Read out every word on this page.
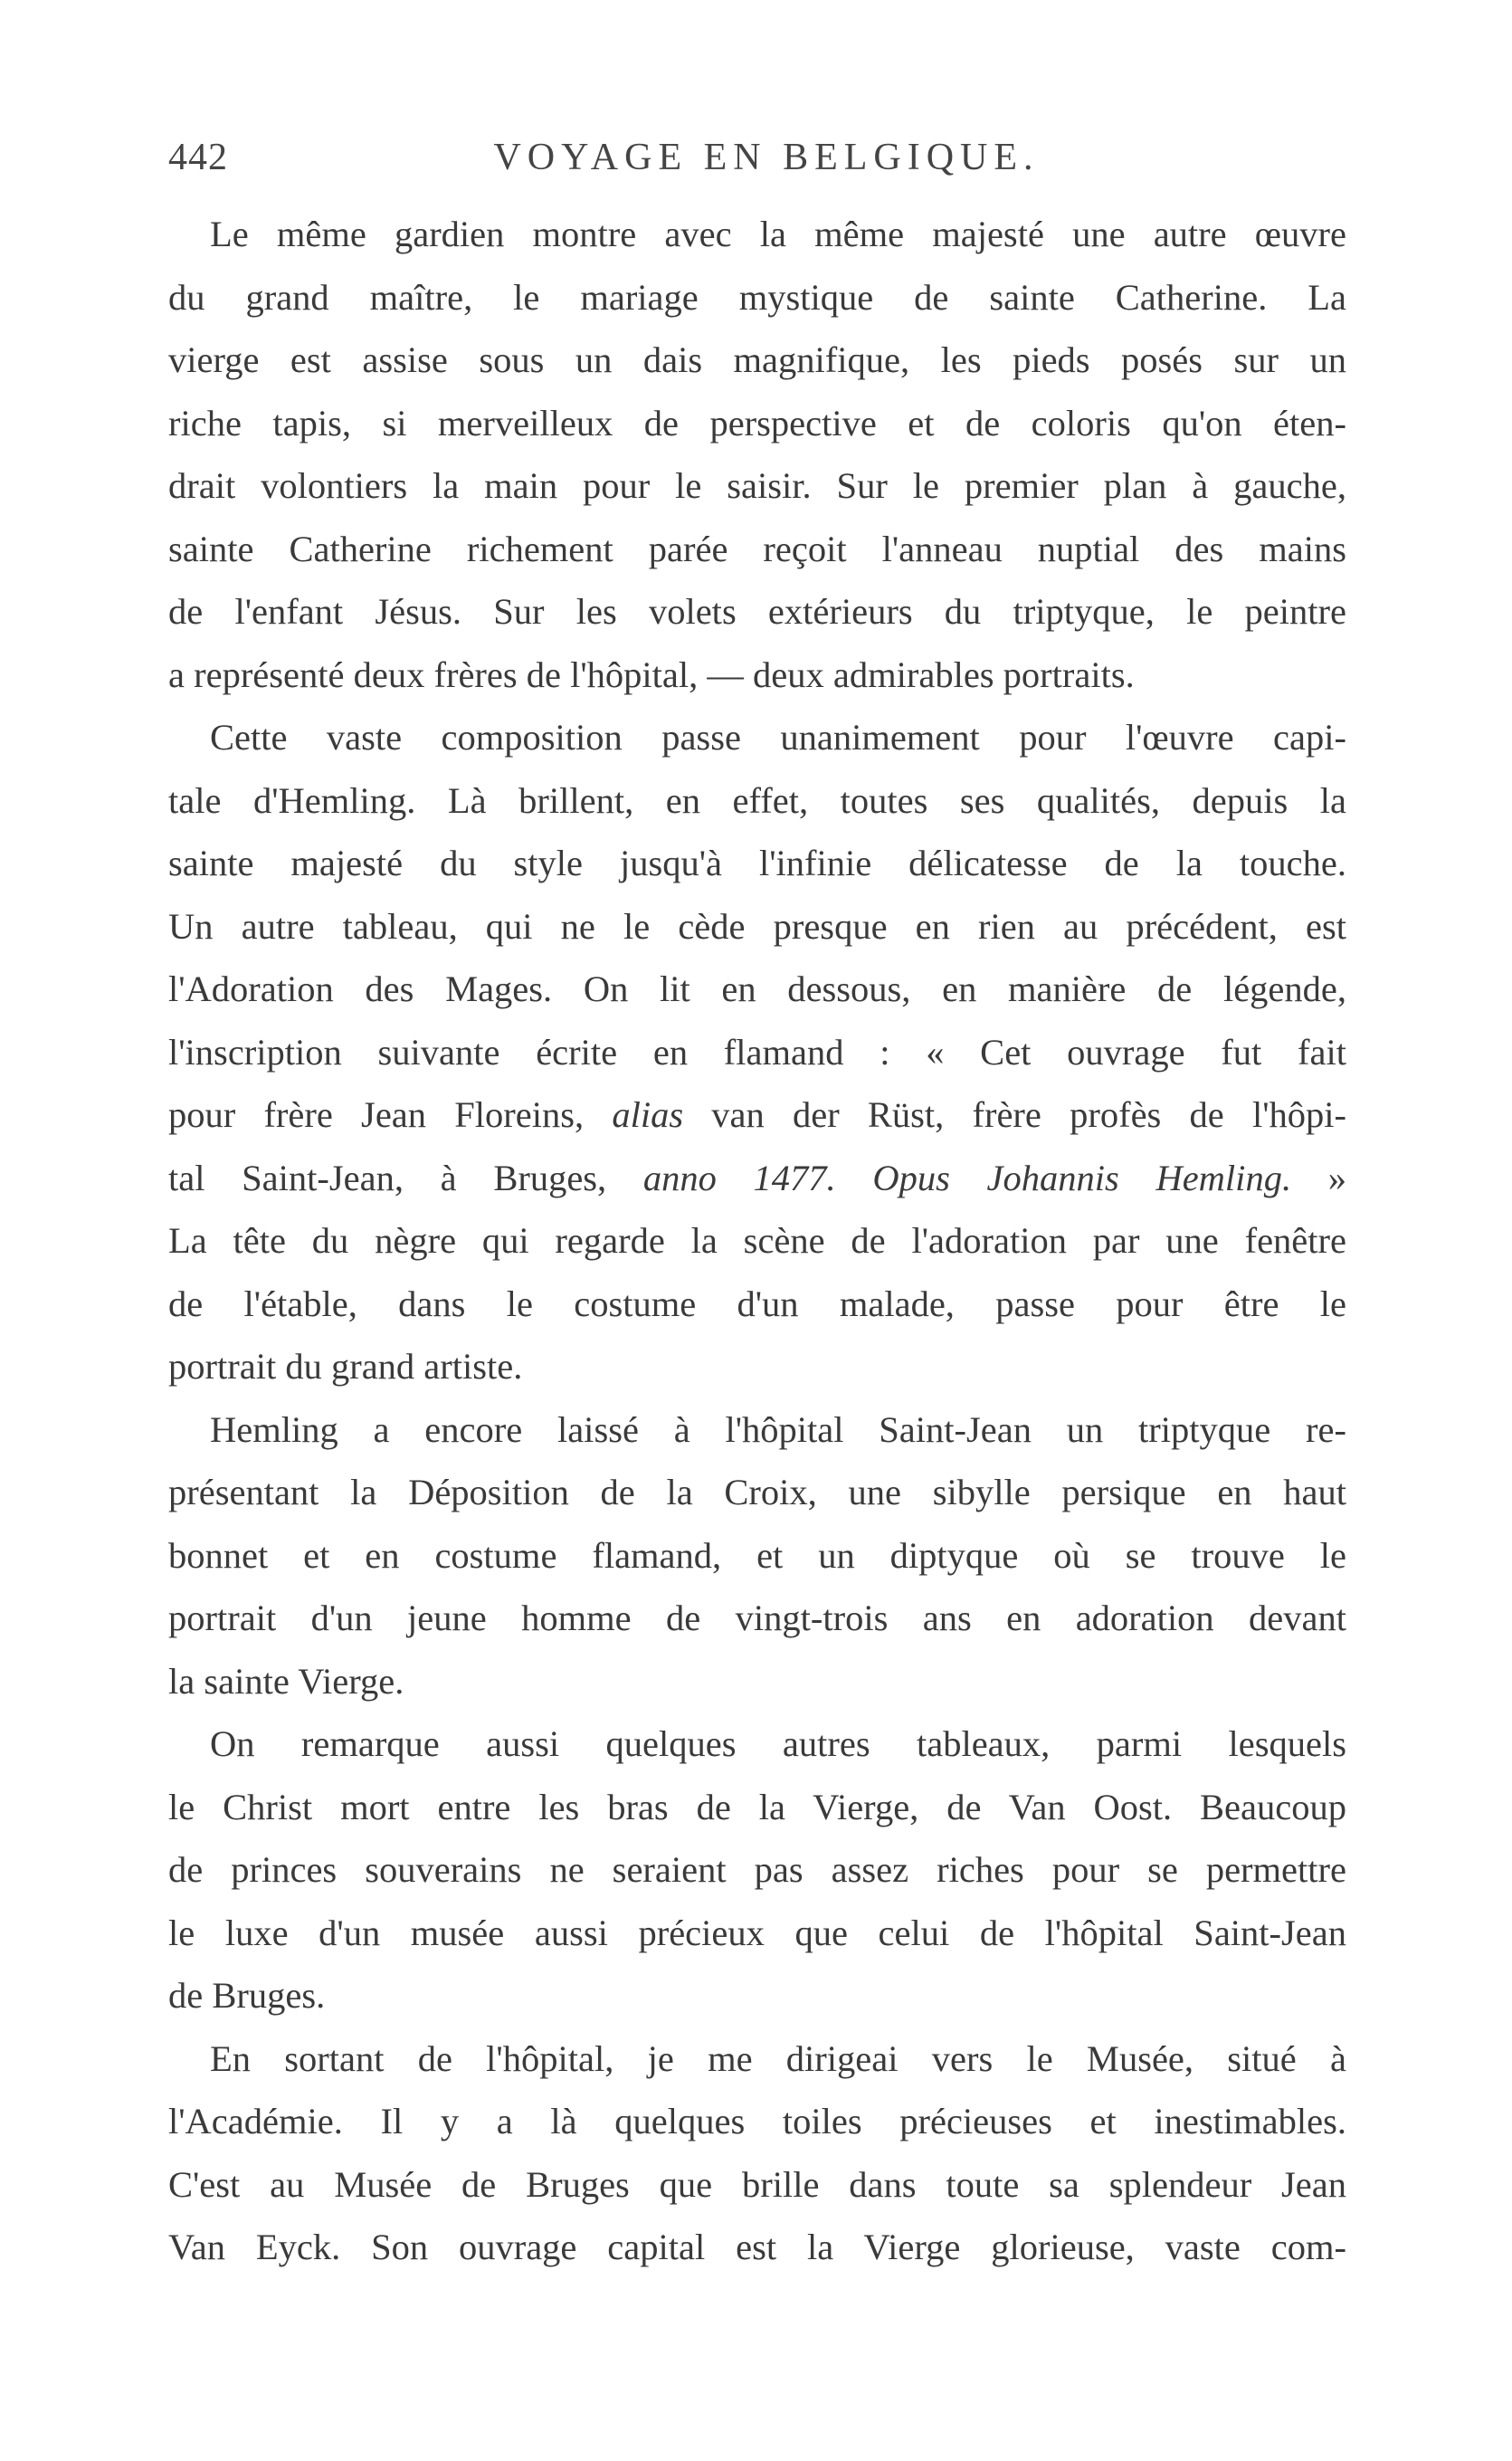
442	VOYAGE EN BELGIQUE.
Le même gardien montre avec la même majesté une autre œuvre
du grand maître, le mariage mystique de sainte Catherine. La
vierge est assise sous un dais magnifique, les pieds posés sur un
riche tapis, si merveilleux de perspective et de coloris qu'on éten-
drait volontiers la main pour le saisir. Sur le premier plan à gauche,
sainte Catherine richement parée reçoit l'anneau nuptial des mains
de l'enfant Jésus. Sur les volets extérieurs du triptyque, le peintre
a représenté deux frères de l'hôpital, — deux admirables portraits.
Cette vaste composition passe unanimement pour l'œuvre capi-
tale d'Hemling. Là brillent, en effet, toutes ses qualités, depuis la
sainte majesté du style jusqu'à l'infinie délicatesse de la touche.
Un autre tableau, qui ne le cède presque en rien au précédent, est
l'Adoration des Mages. On lit en dessous, en manière de légende,
l'inscription suivante écrite en flamand : « Cet ouvrage fut fait
pour frère Jean Floreins, alias van der Rüst, frère profès de l'hôpi-
tal Saint-Jean, à Bruges, anno 1477. Opus Johannis Hemling. »
La tête du nègre qui regarde la scène de l'adoration par une fenêtre
de l'étable, dans le costume d'un malade, passe pour être le
portrait du grand artiste.
Hemling a encore laissé à l'hôpital Saint-Jean un triptyque re-
présentant la Déposition de la Croix, une sibylle persique en haut
bonnet et en costume flamand, et un diptyque où se trouve le
portrait d'un jeune homme de vingt-trois ans en adoration devant
la sainte Vierge.
On remarque aussi quelques autres tableaux, parmi lesquels
le Christ mort entre les bras de la Vierge, de Van Oost. Beaucoup
de princes souverains ne seraient pas assez riches pour se permettre
le luxe d'un musée aussi précieux que celui de l'hôpital Saint-Jean
de Bruges.
En sortant de l'hôpital, je me dirigeai vers le Musée, situé à
l'Académie. Il y a là quelques toiles précieuses et inestimables.
C'est au Musée de Bruges que brille dans toute sa splendeur Jean
Van Eyck. Son ouvrage capital est la Vierge glorieuse, vaste com-
